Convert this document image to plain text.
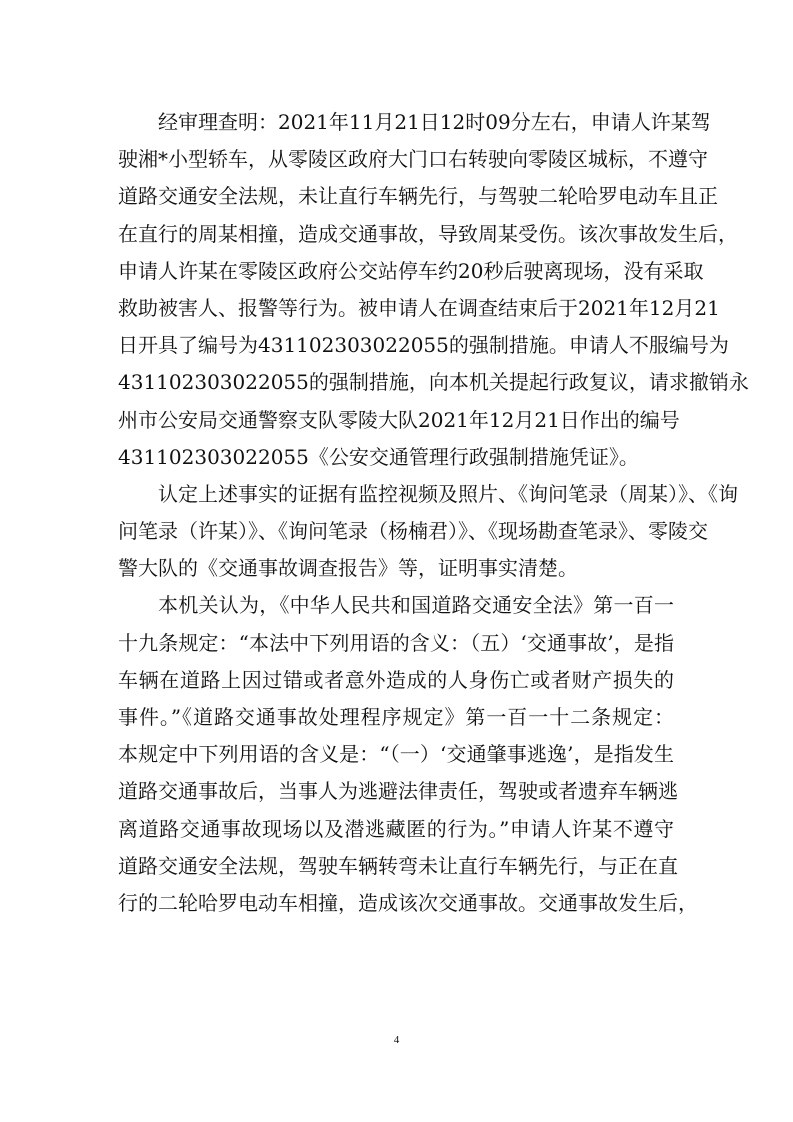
经审理查明：2021年11月21日12时09分左右，申请人许某驾
驶湘*小型轿车，从零陵区政府大门口右转驶向零陵区城标，不遵守
道路交通安全法规，未让直行车辆先行，与驾驶二轮哈罗电动车且正
在直行的周某相撞，造成交通事故，导致周某受伤。该次事故发生后，
申请人许某在零陵区政府公交站停车约20秒后驶离现场，没有采取
救助被害人、报警等行为。被申请人在调查结束后于2021年12月21
日开具了编号为431102303022055的强制措施。申请人不服编号为
431102303022055的强制措施，向本机关提起行政复议，请求撤销永
州市公安局交通警察支队零陵大队2021年12月21日作出的编号
431102303022055《公安交通管理行政强制措施凭证》。
认定上述事实的证据有监控视频及照片、《询问笔录（周某）》、《询
问笔录（许某）》、《询问笔录（杨楠君）》、《现场勘查笔录》、零陵交
警大队的《交通事故调查报告》等，证明事实清楚。
本机关认为，《中华人民共和国道路交通安全法》第一百一
十九条规定：“本法中下列用语的含义：（五）‘交通事故’，是指
车辆在道路上因过错或者意外造成的人身伤亡或者财产损失的
事件。”《道路交通事故处理程序规定》第一百一十二条规定：
本规定中下列用语的含义是：“（一）‘交通肇事逃逸’，是指发生
道路交通事故后，当事人为逃避法律责任，驾驶或者遗弃车辆逃
离道路交通事故现场以及潜逃藏匿的行为。”申请人许某不遵守
道路交通安全法规，驾驶车辆转弯未让直行车辆先行，与正在直
行的二轮哈罗电动车相撞，造成该次交通事故。交通事故发生后，
4
